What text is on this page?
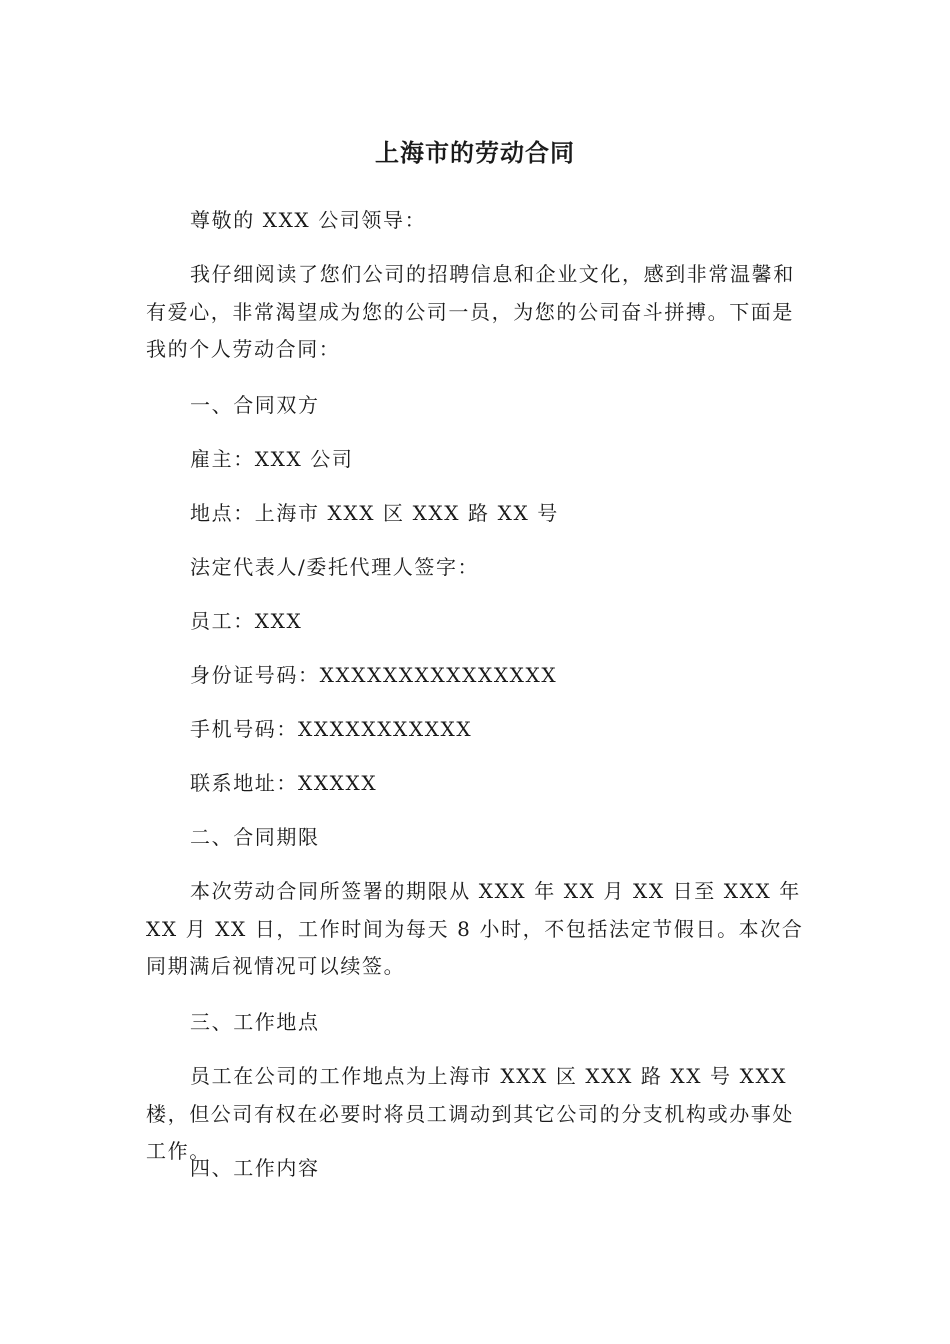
上海市的劳动合同
尊敬的 XXX 公司领导：

我仔细阅读了您们公司的招聘信息和企业文化，感到非常温馨和有爱心，非常渴望成为您的公司一员，为您的公司奋斗拼搏。下面是我的个人劳动合同：

一、合同双方
雇主：XXX 公司
地点：上海市 XXX 区 XXX 路 XX 号
法定代表人/委托代理人签字：
员工：XXX
身份证号码：XXXXXXXXXXXXXXX
手机号码：XXXXXXXXXXX
联系地址：XXXXX
二、合同期限

本次劳动合同所签署的期限从 XXX 年 XX 月 XX 日至 XXX 年 XX 月 XX 日，工作时间为每天 8 小时，不包括法定节假日。本次合同期满后视情况可以续签。

三、工作地点

员工在公司的工作地点为上海市 XXX 区 XXX 路 XX 号 XXX 楼，但公司有权在必要时将员工调动到其它公司的分支机构或办事处工作。

四、工作内容
